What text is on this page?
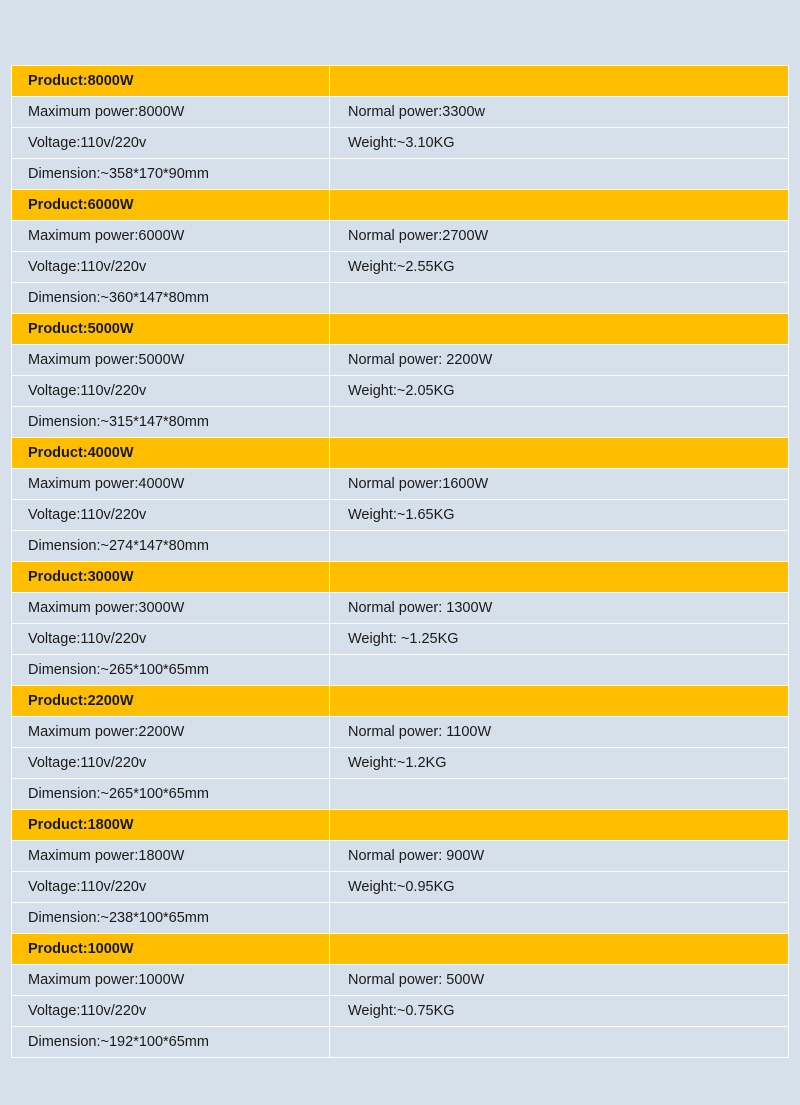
Product:8000W	
Maximum power:8000W	Normal power:3300w
Voltage:110v/220v	Weight:~3.10KG
Dimension:~358*170*90mm	
Product:6000W	
Maximum power:6000W	Normal power:2700W
Voltage:110v/220v	Weight:~2.55KG
Dimension:~360*147*80mm	
Product:5000W	
Maximum power:5000W	Normal power: 2200W
Voltage:110v/220v	Weight:~2.05KG
Dimension:~315*147*80mm	
Product:4000W	
Maximum power:4000W	Normal power:1600W
Voltage:110v/220v	Weight:~1.65KG
Dimension:~274*147*80mm	
Product:3000W	
Maximum power:3000W	Normal power: 1300W
Voltage:110v/220v	Weight: ~1.25KG
Dimension:~265*100*65mm	
Product:2200W	
Maximum power:2200W	Normal power: 1100W
Voltage:110v/220v	Weight:~1.2KG
Dimension:~265*100*65mm	
Product:1800W	
Maximum power:1800W	Normal power: 900W
Voltage:110v/220v	Weight:~0.95KG
Dimension:~238*100*65mm	
Product:1000W	
Maximum power:1000W	Normal power: 500W
Voltage:110v/220v	Weight:~0.75KG
Dimension:~192*100*65mm	
